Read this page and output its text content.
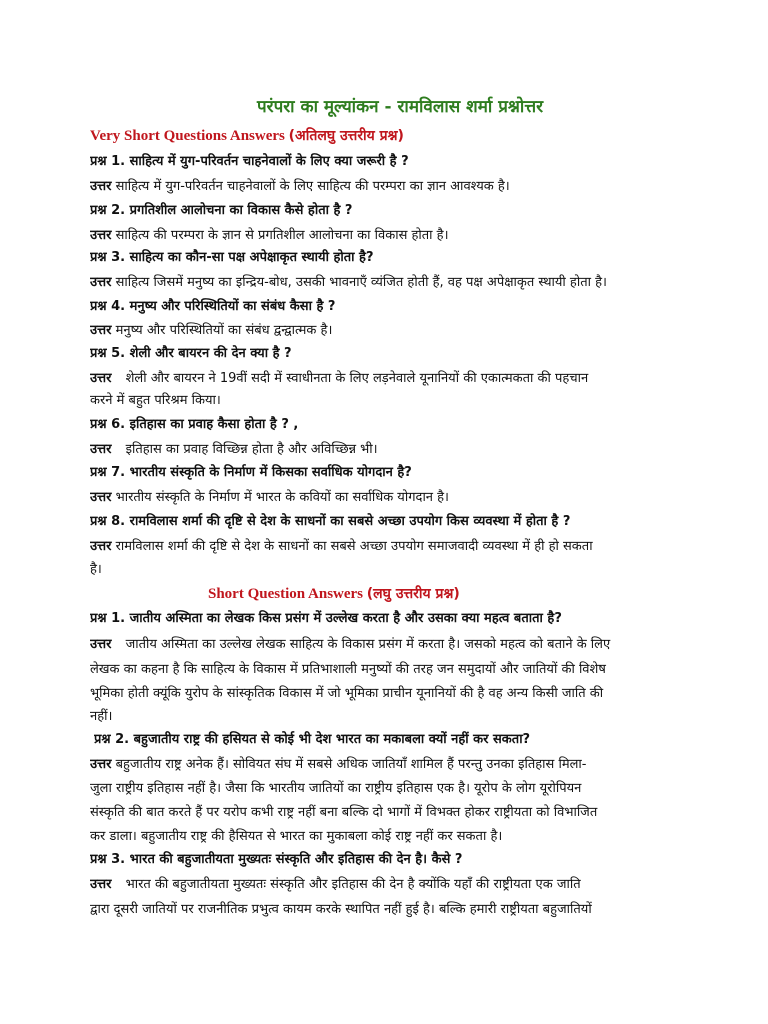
परंपरा का मूल्यांकन - रामविलास शर्मा प्रश्नोत्तर
Very Short Questions Answers (अतिलघु उत्तरीय प्रश्न)
प्रश्न 1. साहित्य में युग-परिवर्तन चाहनेवालों के लिए क्या जरूरी है ?
उत्तर साहित्य में युग-परिवर्तन चाहनेवालों के लिए साहित्य की परम्परा का ज्ञान आवश्यक है।
प्रश्न 2. प्रगतिशील आलोचना का विकास कैसे होता है ?
उत्तर साहित्य की परम्परा के ज्ञान से प्रगतिशील आलोचना का विकास होता है।
प्रश्न 3. साहित्य का कौन-सा पक्ष अपेक्षाकृत स्थायी होता है?
उत्तर साहित्य जिसमें मनुष्य का इन्द्रिय-बोध, उसकी भावनाएँ व्यंजित होती हैं, वह पक्ष अपेक्षाकृत स्थायी होता है।
प्रश्न 4. मनुष्य और परिस्थितियों का संबंध कैसा है ?
उत्तर मनुष्य और परिस्थितियों का संबंध द्वन्द्वात्मक है।
प्रश्न 5. शेली और बायरन की देन क्या है ?
उत्तर शेली और बायरन ने 19वीं सदी में स्वाधीनता के लिए लड़नेवाले यूनानियों की एकात्मकता की पहचान
करने में बहुत परिश्रम किया।
प्रश्न 6. इतिहास का प्रवाह कैसा होता है ? ,
उत्तर इतिहास का प्रवाह विच्छिन्न होता है और अविच्छिन्न भी।
प्रश्न 7. भारतीय संस्कृति के निर्माण में किसका सर्वाधिक योगदान है?
उत्तर भारतीय संस्कृति के निर्माण में भारत के कवियों का सर्वाधिक योगदान है।
प्रश्न 8. रामविलास शर्मा की दृष्टि से देश के साधनों का सबसे अच्छा उपयोग किस व्यवस्था में होता है ?
उत्तर रामविलास शर्मा की दृष्टि से देश के साधनों का सबसे अच्छा उपयोग समाजवादी व्यवस्था में ही हो सकता
है।
Short Question Answers (लघु उत्तरीय प्रश्न)
प्रश्न 1. जातीय अस्मिता का लेखक किस प्रसंग में उल्लेख करता है और उसका क्या महत्व बताता है?
उत्तर जातीय अस्मिता का उल्लेख लेखक साहित्य के विकास प्रसंग में करता है। जसको महत्व को बताने के लिए
लेखक का कहना है कि साहित्य के विकास में प्रतिभाशाली मनुष्यों की तरह जन समुदायों और जातियों की विशेष
भूमिका होती क्यूंकि युरोप के सांस्कृतिक विकास में जो भूमिका प्राचीन यूनानियों की है वह अन्य किसी जाति की
नहीं।
प्रश्न 2. बहुजातीय राष्ट्र की हसियत से कोई भी देश भारत का मकाबला क्यों नहीं कर सकता?
उत्तर बहुजातीय राष्ट्र अनेक हैं। सोवियत संघ में सबसे अधिक जातियाँ शामिल हैं परन्तु उनका इतिहास मिला-
जुला राष्ट्रीय इतिहास नहीं है। जैसा कि भारतीय जातियों का राष्ट्रीय इतिहास एक है। यूरोप के लोग यूरोपियन
संस्कृति की बात करते हैं पर यरोप कभी राष्ट्र नहीं बना बल्कि दो भागों में विभक्त होकर राष्ट्रीयता को विभाजित
कर डाला। बहुजातीय राष्ट्र की हैसियत से भारत का मुकाबला कोई राष्ट्र नहीं कर सकता है।
प्रश्न 3. भारत की बहुजातीयता मुख्यतः संस्कृति और इतिहास की देन है। कैसे ?
उत्तर भारत की बहुजातीयता मुख्यतः संस्कृति और इतिहास की देन है क्योंकि यहाँ की राष्ट्रीयता एक जाति
द्वारा दूसरी जातियों पर राजनीतिक प्रभुत्व कायम करके स्थापित नहीं हुई है। बल्कि हमारी राष्ट्रीयता बहुजातियों
